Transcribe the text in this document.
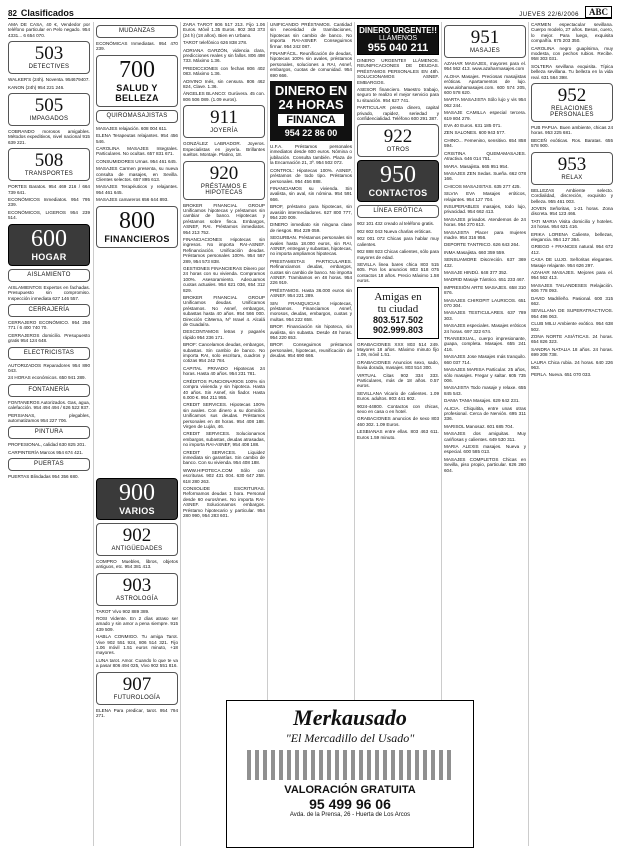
82 Clasificados	JUEVES 22/6/2006	ABC
AMA DE CASA, 40 €, Vendedor por teléfono particular en Pelo negado. 954 4331... 6 654 070.
503
DETECTIVES
WALKER'S (24h). Noventa. 954679407.
KANON (24h) 954 221 246.
505
IMPAGADOS
COBRANDO morosos amigables. Métodos expeditivos, nivel nacional 915 639 221.
508
TRANSPORTES
PORTES Baratos. 954 469 216 / 664 739 641.
ECONÓMICOS Inmediatos. 954 795 239.
ECONÓMICOS, LIGEROS 954 239 514.
600
HOGAR
AISLAMIENTO
AISLAMIENTOS Expertos en fachadas. Presupuesto sin compromiso. Inspección inmediata 627 146 557.
CERRAJERÍA
CERRAJERO ECONÓMICO. 954 256 771 / 6 400 740 70.
CERRAJEROS domicilio. Presupuesto gratis 954 124 648.
ELECTRICISTAS
AUTORIZADOS Reparadores 954 890 043.
24 HORAS económicos. 650 941 289.
FONTANERÍA
FONTANEROS Autorizados. Gas, agua, calefacción. 954 494 494 / 626 522 937.
PERSIANAS, plegables, automatizamos 954 227 706.
PINTURA
PROFESIONAL, calidad 630 825 201.
CARPINTERÍA Marcos 954 674 421.
PUERTAS
PUERTAS Blindadas 954 356 680.
MUDANZAS
ECONÓMICAS Inmediatas. 954 470 239.
700
SALUD Y BELLEZA
QUIROMASAJISTAS
MASAJES relajación. 608 004 611.
ELENA Terapeutas relajantes. 954 456 546.
CAROLINA MASAJES Integrales. Particulares. No ocultas. 657 831 671.
CONSUMIDORES Urnas. 954 461 645.
MASAJES Carmen presenta, su nueva consulta de masajes, en Sevilla. Clientes selectos. 657 895 613.
MASAJES Terapéuticos y relajantes. 954 461 645.
MASAJES camareros 656 644 893.
800
FINANCIEROS
900
VARIOS
902
ANTIGÜEDADES
COMPRO Muebles, libros, objetos antiguos, etc. 954 381 413.
903
ASTROLOGÍA
TAROT Vivo 902 889 389.
ROSI Vidente. En 2 días atraso ser amado y sin amor a pena siempre. 915 439 509.
HABLA CONMIGO. Tu amiga Tarot. Vive 902 551 924, 806 514 321. Fijo 1.06 móvil 1.51 euros minuto, +18 mayores.
LUNA tarot. Amor. Cuando lo que te va a pasar 806 494 025, Vivo 902 551 816.
907
FUTUROLOGÍA
ELENA Para predicar, tarot. 954 794 271.
ZARA TAROT 806 517 213. Fijo 1.06 Euros. Móvil 1.35 Euros. 902 363 373 (24 h) (18 años). Bien en Urbano.
TAROT telefónico 626 838 278.
ADRIANA GARZÓN, videncia clara, predicciones reales y sin fallos. 806 498 733. Máximo 1.36.
PREDICCIONES con fechas 806 402 083. Máximo 1.36.
ADIVINO Inés, sin censura. 806 462 824, Clave. 1.36.
ÁNGELES BLANCO: Gurúvera. 45 con. 806 506 089. (1.09 euros).
911
JOYERÍA
GONZÁLEZ LABRADOR. Joyeros. Especialistas en joyería. Brillantes sueltos. Montaje. Platino, 18.
920
PRÉSTAMOS E HIPOTECAS
BROKER FINANCIAL GROUP Unificamos hipotecas y préstamos sin cambiar de banco. Hipotecas y préstamos sobre finca. Embargos, ASNEF, RAI. Préstamos inmediatos. 954 213 752.
FINANCIACIONES Hipotecas sin ingresos. No importa RAI-ASNEF. Refinanciación. Unificación deudas. Préstamos personales 100%. 954 567 289, 954 573 838.
GESTIONES FINANCIERAS Dinero por 24 horas con su vivienda. Compramos 100%. Asesoramiento. Adecuamos cuotas actuales. 954 621 036, 654 312 829.
BROKER FINANCIAL GROUP Unificamos deudas. Unificamos préstamos. No Asnef, embargos, subastas hasta 40 años. 954 566 000. Dirección CiMerna, Nº Israel 4. Alcalá de Guadaíra.
DESCONTAMOS letras y pagarés rápido 954 236 171.
BROF: Cancelamos deudas, embargos, subastas. Sin cambio de banco. No importa RAI, solo escritura, cuadros y cotizas 954 242 784.
CAPITAL PRIVADO Hipotecas 24 horas. Hasta 40 años. 954 231 781.
CRÉDITOS FUNCIONARIOS 100% sin compra vivienda y sin hipoteca. Hasta 40 años. Sin Asnef, sin fiador. Hasta 6.000 €. 954 211 955.
CREDIT SERVICES. Hipotecas 100% sin avales. Con dinero a su domicilio. Unificamos sus deudas. Préstamos personales en 48 horas. 954 408 188. Virgen de Luján, 46.
CREDIT SERVICES. Solucionamos embargos, subastas, deudas atrasadas, no importa RAI-ASNEF, 954 408 188.
CREDIT SERVICES. Liquidez inmediata sin garantías. Sin cambio de banco. Con su vivienda. 954 408 188.
WWW.HIPOTECA.COM Sólo con escrituras. 902 431 004. 630 647 258. 618 280 263.
CONSOLIDE ESCRITURAS. Reformamos deudas 1 hora. Personal desde 60 euros/mes. No importa RAI-ASNEF. Solucionamos embargos. Préstamo hipotecario y particular. 954 280 990, 954 283 601.
UNIFICANDO PRÉSTAMOS. Cantidad sin necesidad de tramitaciones, hipotecas sin cambio de banco. No importa RAI-ASNEF. Conseguimos firmar. 954 242 087.
FINANFÁCIL. Reunificación de deudas, hipotecas 100% sin avales, préstamos personales, soluciones a RAI, Asnef, embargos, cuotas de comunidad. 954 690 666.
DINERO EN 24 HORAS
FINANCA
954 22 86 00
U.F.A. Préstamos personales inmediatos desde 600 euros. Nómina o jubilación. Consulta también. Plaza de la Encarnación 21, 3º. 954 502 072.
CONTROL: Hipotecas 100%. ASNEF, préstamos de todo tipo. Préstamos personales. 954 456 888.
FINANCIAMOS su vivienda. Sin avalista, sin aval, sin nómina. 954 591 666.
BROF, préstamo para hipotecas, sin avasión intermediadores. 627 800 777, 954 220 009.
DINERO inmediato sin ninguna clase de riesgos. 954 229 059.
SEGURBAN. Préstamos personales sin avales hasta 18.000 euros, sin RAI, ASNEF, entregas y subastas, hipotecas, no importa ampliamos hipotecas.
PRESTAMISTAS PARTICULARES. Refinanciamos deudas, embargos, cuotas sin cambio de banco. No importa ASNEF. Tramitamos en 48 horas. 954 226 919.
PRÉSTAMOS. Hasta 36.000 euros sin ASNEF. 954 221 289.
SIN FRANQUICIAS Hipotecas, préstamos. Financiamos Asnef, morosos, deudas, embargos, cuotas y multas. 954 222 658.
BROF. Financiación sin hipoteca, sin avalista, sin subasta. Desde 48 horas. 954 220 653.
BROF. Conseguimos préstamos personales, hipotecas, reunificación de deudas. 954 690 666.
DINERO URGENTE!!
LLÁMENOS
955 040 211
DINERO URGENTE!! LLÁMENOS. REUNIFICACIONES DE DEUDAS. PRÉSTAMOS PERSONALES EN 48h. SOLUCIONAMOS ASNEF. EMBARGOS.
ASESOR financiero. Maestro trabajo, seguro te realizo el mejor servicio para tu situación. 954 627 741.
PARTICULAR presta dinero, capital privado, rapidez, seriedad y confidencialidad. Teléfono 600 291 387.
922
OTROS
950
CONTACTOS
LÍNEA ERÓTICA
902 101 432 creado al teléfono gratis.
902 602 043 Nueva charlas eróticas.
902 001 072 Chicas para hablar muy calientes.
902 888 923 Chicas calientes, sólo para mayores de edad.
SEVILLA linea bares chica 803 515 605. Pon los anuncios 803 518 075 contactos 18 años. Precio Máximo 1.58 euros.
Amigas en
tu ciudad
803.517.502
902.999.803
GRABACIONES XXX 803 514 249. Mayores 18 años. Máximo minuto fijo 1.09, móvil 1.51.
GRABACIONES Anuncios sexo, sado, lluvia dorada, masajes. 803 514 300.
VIRTUAL Citas 902 334 333. Particulares, más de 18 años. 0.57 euros.
SEVILLANA Vicario de calientes. 1.09 Euros. adultos. 803 441 602.
9024-44800. Contactos con chicas, sexo en casa o en hotel.
GRABACIONES anuncios de sexo 803 460 302. 1.09 Euros.
LESBIANAS entre ellas. 803 463 611. Euros 1.59 minuto.
951
MASAJES
AZAHAR MASAJES, mayores para el. 954 562 413. www.azaharmasajes.com
ALOHA Masajes. Preciosas masajistas eróticas. Apartamentos de lujo. www.alohamasajes.com. 600 574 205, 600 578 620.
MARTA MASAJISTA Sólo lujo y vis 954 062 244.
MASAJE CAMILLA especial tercera. 619 804 279.
EVA 40 Euros. 631 185 071.
ZEN SALONES. 600 943 577.
CHINO... Femenino, sensitivo. 654 858 594.
CRISTINA QUEMAMASAJES. Atractiva. 646 014 751.
MARA. Masajista. 665 951 954.
MASAJES ZEN Sedas. Sueña. 662 078 166.
CHICOS MASAJISTAS. 635 277 425.
SILVIA EVA Masajes eróticos, relajantes. 954 127 704.
INSUPERABLES masajes, todo lujo, privacidad. 954 662 413.
MASAJES privados. Atendemos de 24 horas. 954 270 613.
MASAJISTA Placer para mujeres madre. 954 316 956.
DEPORTE TANTRICO. 626 643 264.
INMA Masajista. 660 359 559.
SENSUAMORE Discreción. 637 369 432.
MASAJE HINDÚ. 648 377 352.
MADRID Masaje Tántrico. 651 233 467.
IMPRESIÓN ARTE MASAJES. 658 310 876.
MASAJES CHIROPIT LAURICOS. 651 070 304.
MASAJES TESTICULARES. 637 789 303.
MASAJES especiales. Masajes eróticos 24 horas. 697 322 674.
TRANSEXUAL, cuerpo impresionante, guapa, completa. Masajes. 655 241 416.
MASAJES Jose Masajes más tranquilo. 660 037 714.
MASAJES MARISA Particular. 25 años, sólo masajes. Fregar y saltar. 605 735 006.
MASAJISTA Todo masaje y relaxe. 655 845 543.
DANIA TANIA Masajes. 629 642 231.
ALICIA. Chiquitita, entre unas otras profesional. Cerca de Nervión. 695 311 336.
MARISOL Manosaz. 601 685 704.
MASAJES dos amiguitas. Muy cariñosas y calientes. 649 530 311.
MARIA ALEXIS masajes. Nueva y especial. 600 585 013.
MASAJES COMPLETOS Chicas en Sevilla, piso propio, particular. 626 280 604.
CARMEN espectacular sevillana. Cuerpo modelo, 27 años. Besos, cuero, lo mejor. Para luego, exquisita compañía. 675 203 350.
CAROLINA negro guapísima, muy modesta, con pechos rubios. Recibe. 958 303 031.
SOLTERA sevillana exquisita. Típica belleza sevillana. Tu belleza en la vida real. 631 564 398.
952
RELACIONES PERSONALES
PUB PAPUA. Buen ambiente, chicas 24 horas. 953 225 681.
BECEÑ exóticas. Ros. Baratas. 655 578 900.
953
RELAX
BELLEZAS Ambiente selecto. Cordialidad, discreción, exquisito y belleza. 955 461 003.
JOVEN Señoritas, 1-21 horas. Zona discreta. 954 123 466.
TATI MARIA Visita domicilio y hoteles. 24 horas. 954 621 416.
ERIKA LORENA Caliente, bellezas, elegancia. 954 127 364.
GRIEGO + FRANCES natural. 954 672 412.
CASA DE LUJO. Señoritas elegantes. Masaje relajante. 954 626 297.
AZAHAR MASAJES. Mejores para el. 954 562 413.
MASAJES TAILANDESES Relajación. 606 778 093.
DAVID Madrileño. Pasional. 600 315 662.
SEVILLANA DE SUPERATRACTIVOS. 954 496 063.
CLUB MILU Ambiente exótico. 954 638 502.
ZONA NORTE ASIÁTICAS. 24 horas. 654 826 323.
SANDRA NATALIA 18 años. 24 horas. 699 208 738.
LAURA Chica rubia. 24 horas. 640 226 963.
PERLA. Nueva. 651 070 033.
Merkausado
"El Mercadillo del Usado"
VALORACIÓN GRATUITA
95 499 96 06
Avda. de la Prensa, 26 - Huerta de Los Arcos
